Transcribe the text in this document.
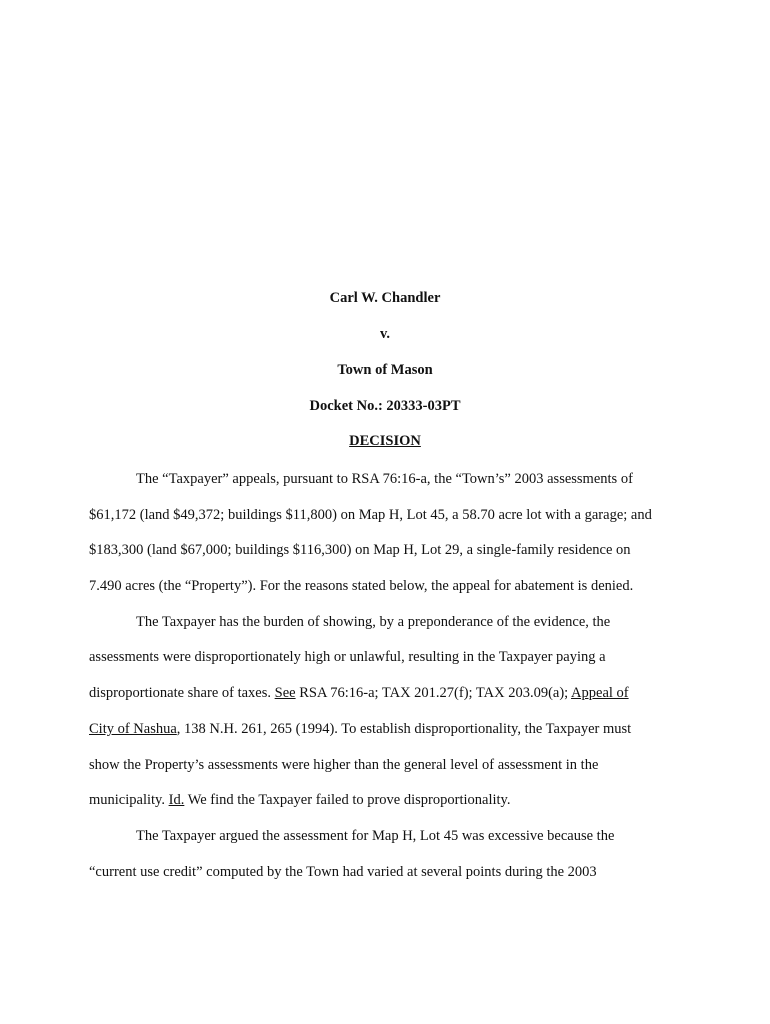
Carl W. Chandler
v.
Town of Mason
Docket No.: 20333-03PT
DECISION
The “Taxpayer” appeals, pursuant to RSA 76:16-a, the “Town’s” 2003 assessments of
$61,172 (land $49,372; buildings $11,800) on Map H, Lot 45, a 58.70 acre lot with a garage; and
$183,300 (land $67,000; buildings $116,300) on Map H, Lot 29, a single-family residence on
7.490 acres (the “Property”). For the reasons stated below, the appeal for abatement is denied.
The Taxpayer has the burden of showing, by a preponderance of the evidence, the
assessments were disproportionately high or unlawful, resulting in the Taxpayer paying a
disproportionate share of taxes. See RSA 76:16-a; TAX 201.27(f); TAX 203.09(a); Appeal of
City of Nashua, 138 N.H. 261, 265 (1994). To establish disproportionality, the Taxpayer must
show the Property’s assessments were higher than the general level of assessment in the
municipality. Id. We find the Taxpayer failed to prove disproportionality.
The Taxpayer argued the assessment for Map H, Lot 45 was excessive because the
“current use credit” computed by the Town had varied at several points during the 2003
